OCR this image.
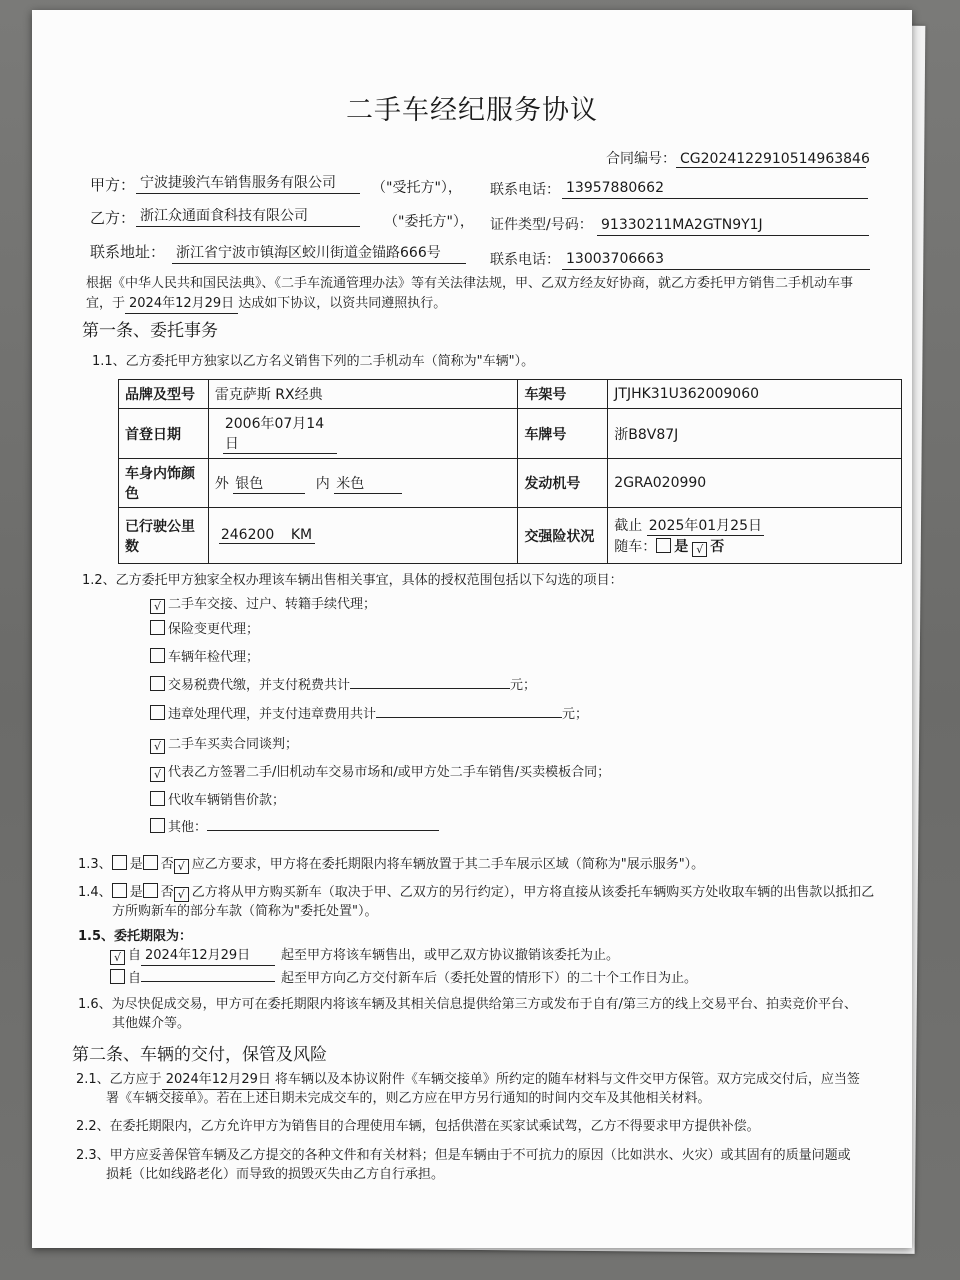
二手车经纪服务协议
合同编号： CG2024122910514963846
甲方： 宁波捷骏汽车销售服务有限公司	（"受托方"）， 联系电话： 13957880662
乙方： 浙江众通面食科技有限公司	（"委托方"）， 证件类型/号码： 91330211MA2GTN9Y1J
联系地址： 浙江省宁波市镇海区蛟川街道金锚路666号	联系电话： 13003706663
根据《中华人民共和国民法典》、《二手车流通管理办法》等有关法律法规，甲、乙双方经友好协商，就乙方委托甲方销售二手机动车事
宜，于 2024年12月29日 达成如下协议，以资共同遵照执行。
第一条、委托事务
1.1、乙方委托甲方独家以乙方名义销售下列的二手机动车（简称为"车辆"）。
品牌及型号	雷克萨斯 RX经典	车架号	JTJHK31U362009060
首登日期	2006年07月14日	车牌号	浙B8V87J
车身内饰颜色	外 银色 内 米色	发动机号	2GRA020990
已行驶公里数	246200 KM	交强险状况	截止 2025年01月25日
随车： 是 √ 否
1.2、乙方委托甲方独家全权办理该车辆出售相关事宜，具体的授权范围包括以下勾选的项目：
√ 二手车交接、过户、转籍手续代理；
保险变更代理；
车辆年检代理；
交易税费代缴，并支付税费共计	元；
违章处理代理，并支付违章费用共计	元；
√ 二手车买卖合同谈判；
√ 代表乙方签署二手/旧机动车交易市场和/或甲方处二手车销售/买卖模板合同；
代收车辆销售价款；
其他：
1.3、 是 否 √ 应乙方要求，甲方将在委托期限内将车辆放置于其二手车展示区域（简称为"展示服务"）。
1.4、 是 否 √ 乙方将从甲方购买新车（取决于甲、乙双方的另行约定），甲方将直接从该委托车辆购买方处收取车辆的出售款以抵扣乙
方所购新车的部分车款（简称为"委托处置"）。
1.5、委托期限为：
√ 自 2024年12月29日 起至甲方将该车辆售出，或甲乙双方协议撤销该委托为止。
自	起至甲方向乙方交付新车后（委托处置的情形下）的二十个工作日为止。
1.6、为尽快促成交易，甲方可在委托期限内将该车辆及其相关信息提供给第三方或发布于自有/第三方的线上交易平台、拍卖竞价平台、
其他媒介等。
第二条、车辆的交付，保管及风险
2.1、乙方应于 2024年12月29日 将车辆以及本协议附件《车辆交接单》所约定的随车材料与文件交甲方保管。双方完成交付后，应当签
署《车辆交接单》。若在上述日期未完成交车的，则乙方应在甲方另行通知的时间内交车及其他相关材料。
2.2、在委托期限内，乙方允许甲方为销售目的合理使用车辆，包括供潜在买家试乘试驾，乙方不得要求甲方提供补偿。
2.3、甲方应妥善保管车辆及乙方提交的各种文件和有关材料；但是车辆由于不可抗力的原因（比如洪水、火灾）或其固有的质量问题或
损耗（比如线路老化）而导致的损毁灭失由乙方自行承担。
